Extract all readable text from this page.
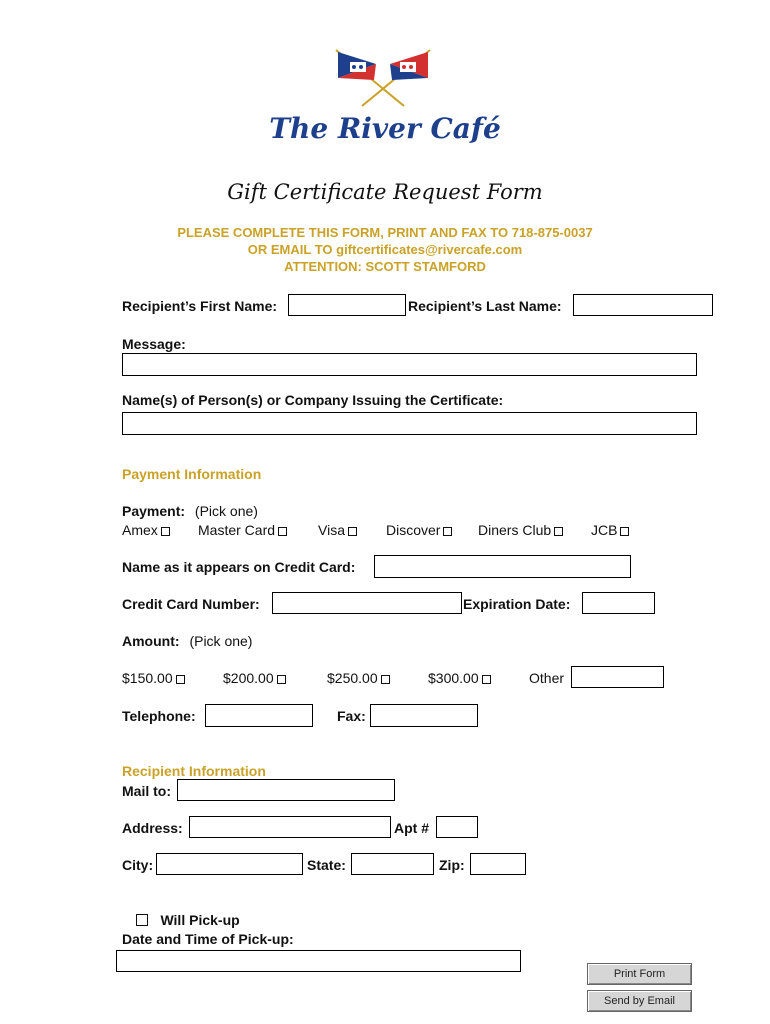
The River Café
Gift Certificate Request Form
PLEASE COMPLETE THIS FORM, PRINT AND FAX TO 718-875-0037
OR EMAIL TO giftcertificates@rivercafe.com
ATTENTION: SCOTT STAMFORD
Recipient’s First Name:	Recipient’s Last Name:
Message:
Name(s) of Person(s) or Company Issuing the Certificate:
Payment Information
Payment: (Pick one)
Amex	Master Card	Visa	Discover	Diners Club	JCB
Name as it appears on Credit Card:
Credit Card Number:	Expiration Date:
Amount: (Pick one)
$150.00	$200.00	$250.00	$300.00	Other
Telephone:	Fax:
Recipient Information
Mail to:
Address:	Apt #
City:	State:	Zip:
Will Pick-up
Date and Time of Pick-up:
Print Form
Send by Email
